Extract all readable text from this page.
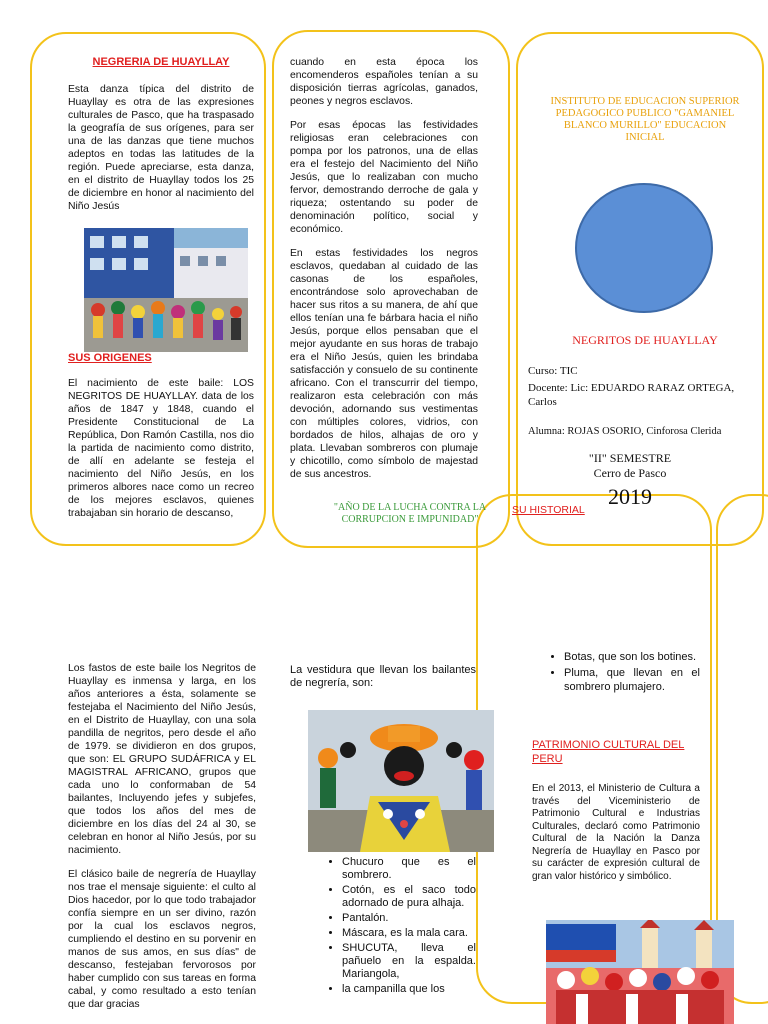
NEGRERIA DE HUAYLLAY

Esta danza típica del distrito de Huayllay es otra de las expresiones culturales de Pasco, que ha traspasado la geografía de sus orígenes, para ser una de las danzas que tiene muchos adeptos en todas las latitudes de la región. Puede apreciarse, esta danza, en el distrito de Huayllay todos los 25 de diciembre en honor al nacimiento del Niño Jesús

SUS ORIGENES

El nacimiento de este baile: LOS NEGRITOS DE HUAYLLAY. data de los años de 1847 y 1848, cuando el Presidente Constitucional de La República, Don Ramón Castilla, nos dio la partida de nacimiento como distrito, de allí en adelante se festeja el nacimiento del Niño Jesús, en los primeros albores nace como un recreo de los mejores esclavos, quienes trabajaban sin horario de descanso,

cuando en esta época los encomenderos españoles tenían a su disposición tierras agrícolas, ganados, peones y negros esclavos.

Por esas épocas las festividades religiosas eran celebraciones con pompa por los patronos, una de ellas era el festejo del Nacimiento del Niño Jesús, que lo realizaban con mucho fervor, demostrando derroche de gala y riqueza; ostentando su poder de denominación político, social y económico.

En estas festividades los negros esclavos, quedaban al cuidado de las casonas de los españoles, encontrándose solo aprovechaban de hacer sus ritos a su manera, de ahí que ellos tenían una fe bárbara hacia el niño Jesús, porque ellos pensaban que el mejor ayudante en sus horas de trabajo era el Niño Jesús, quien les brindaba satisfacción y consuelo de su continente africano. Con el transcurrir del tiempo, realizaron esta celebración con más devoción, adornando sus vestimentas con múltiples colores, vidrios, con bordados de hilos, alhajas de oro y plata. Llevaban sombreros con plumaje y chicotillo, como símbolo de majestad de sus ancestros.

"AÑO DE LA LUCHA CONTRA LA CORRUPCION E IMPUNIDAD"
INSTITUTO DE EDUCACION SUPERIOR PEDAGOGICO PUBLICO "GAMANIEL BLANCO MURILLO" EDUCACION INICIAL
NEGRITOS DE HUAYLLAY
Curso: TIC
Docente: Lic: EDUARDO RARAZ ORTEGA, Carlos
Alumna: ROJAS OSORIO, Cinforosa Clerida
"II" SEMESTRE
Cerro de Pasco
2019
SU HISTORIAL

Los fastos de este baile los Negritos de Huayllay es inmensa y larga, en los años anteriores a ésta, solamente se festejaba el Nacimiento del Niño Jesús, en el Distrito de Huayllay, con una sola pandilla de negritos, pero desde el año de 1979. se dividieron en dos grupos, que son: EL GRUPO SUDÁFRICA y EL MAGISTRAL AFRICANO, grupos que cada uno lo conformaban de 54 bailantes, Incluyendo jefes y subjefes, que todos los años del mes de diciembre en los días del 24 al 30, se celebran en honor al Niño Jesús, por su nacimiento.

El clásico baile de negrería de Huayllay nos trae el mensaje siguiente: el culto al Dios hacedor, por lo que todo trabajador confía siempre en un ser divino, razón por la cual los esclavos negros, cumpliendo el destino en su porvenir en manos de sus amos, en sus días" de descanso, festejaban fervorosos por haber cumplido con sus tareas en forma cabal, y como resultado a esto tenían que dar gracias

La vestidura que llevan los bailantes de negrería, son:
• Chucuro que es el sombrero.
• Cotón, es el saco todo adornado de pura alhaja.
• Pantalón.
• Máscara, es la mala cara.
• SHUCUTA, lleva el pañuelo en la espalda. Mariangola,
• la campanilla que los
• Botas, que son los botines.
• Pluma, que llevan en el sombrero plumajero.
PATRIMONIO CULTURAL DEL PERU
En el 2013, el Ministerio de Cultura a través del Viceministerio de Patrimonio Cultural e Industrias Culturales, declaró como Patrimonio Cultural de la Nación la Danza Negrería de Huayllay en Pasco por su carácter de expresión cultural de gran valor histórico y simbólico.
